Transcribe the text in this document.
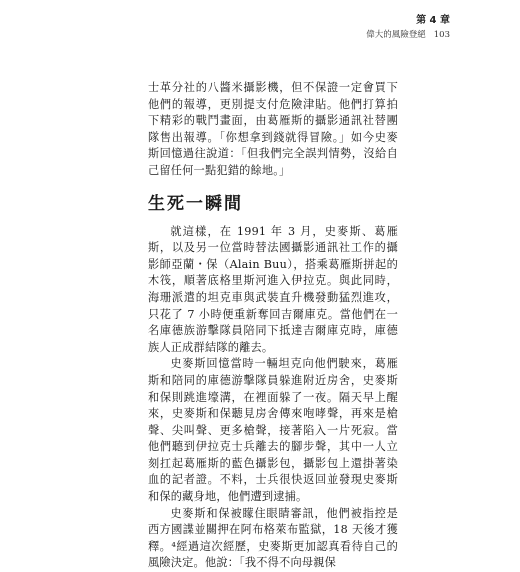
第 4 章
偉大的風險登絕 103

士革分社的八醬米攝影機，但不保證一定會買下他們的報導，更別提支付危險津貼。他們打算拍下精彩的戰鬥畫面，由葛雁斯的攝影通訊社替團隊售出報導。「你想拿到錢就得冒險。」如今史麥斯回憶過往說道：「但我們完全誤判情勢，沒給自己留任何一點犯錯的餘地。」

生死一瞬間

就這樣，在 1991 年 3 月，史麥斯、葛雁斯，以及另一位當時替法國攝影通訊社工作的攝影師亞蘭・保（Alain Buu），搭乘葛雁斯拼起的木筏，順著底格里斯河進入伊拉克。與此同時，海珊派遣的坦克車與武裝直升機發動猛烈進攻，只花了 7 小時便重新奪回吉爾庫克。當他們在一名庫德族游擊隊員陪同下抵達吉爾庫克時，庫德族人正成群結隊的離去。

史麥斯回憶當時一輛坦克向他們駛來，葛雁斯和陪同的庫德游擊隊員躲進附近房舍，史麥斯和保則跳進壕溝，在裡面躲了一夜。隔天早上醒來，史麥斯和保聽見房舍傳來咆哮聲，再來是槍聲、尖叫聲、更多槍聲，接著陷入一片死寂。當他們聽到伊拉克士兵離去的腳步聲，其中一人立刻扛起葛雁斯的藍色攝影包，攝影包上還掛著染血的記者證。不料，士兵很快返回並發現史麥斯和保的藏身地，他們遭到逮捕。

史麥斯和保被矇住眼睛審訊，他們被指控是西方國諜並關押在阿布格萊布監獄，18 天後才獲釋。⁴經過這次經歷，史麥斯更加認真看待自己的風險決定。他說：「我不得不向母親保
